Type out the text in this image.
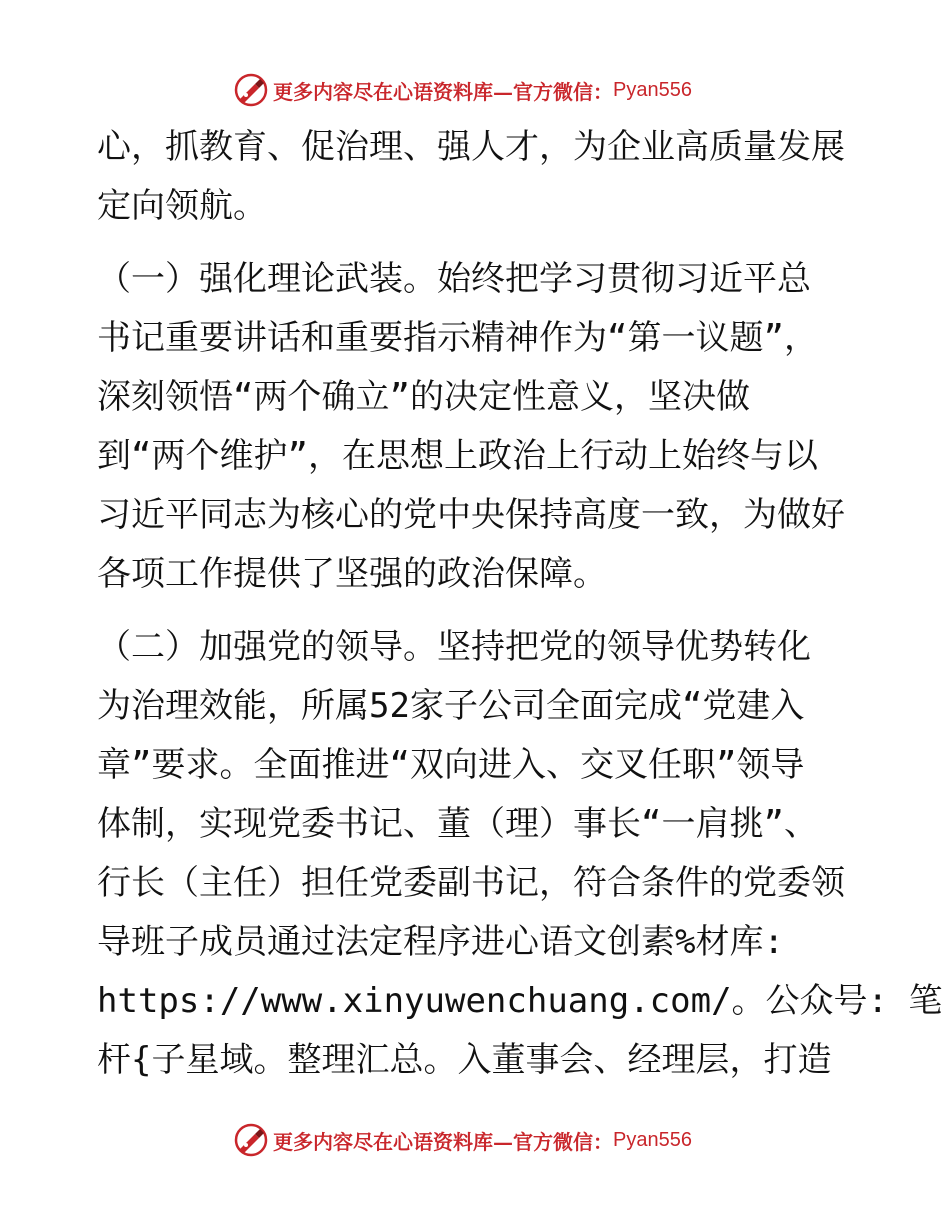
更多内容尽在心语资料库—官方微信： Pyan556
心，抓教育、促治理、强人才，为企业高质量发展
定向领航。
（一）强化理论武装。始终把学习贯彻习近平总
书记重要讲话和重要指示精神作为“第一议题”，
深刻领悟“两个确立”的决定性意义，坚决做
到“两个维护”，在思想上政治上行动上始终与以
习近平同志为核心的党中央保持高度一致，为做好
各项工作提供了坚强的政治保障。
（二）加强党的领导。坚持把党的领导优势转化
为治理效能，所属52家子公司全面完成“党建入
章”要求。全面推进“双向进入、交叉任职”领导
体制，实现党委书记、董（理）事长“一肩挑”、
行长（主任）担任党委副书记，符合条件的党委领
导班子成员通过法定程序进心语文创素%材库:
https://www.xinyuwenchuang.com/。公众号: 笔
杆{子星域。整理汇总。入董事会、经理层，打造
更多内容尽在心语资料库—官方微信： Pyan556
